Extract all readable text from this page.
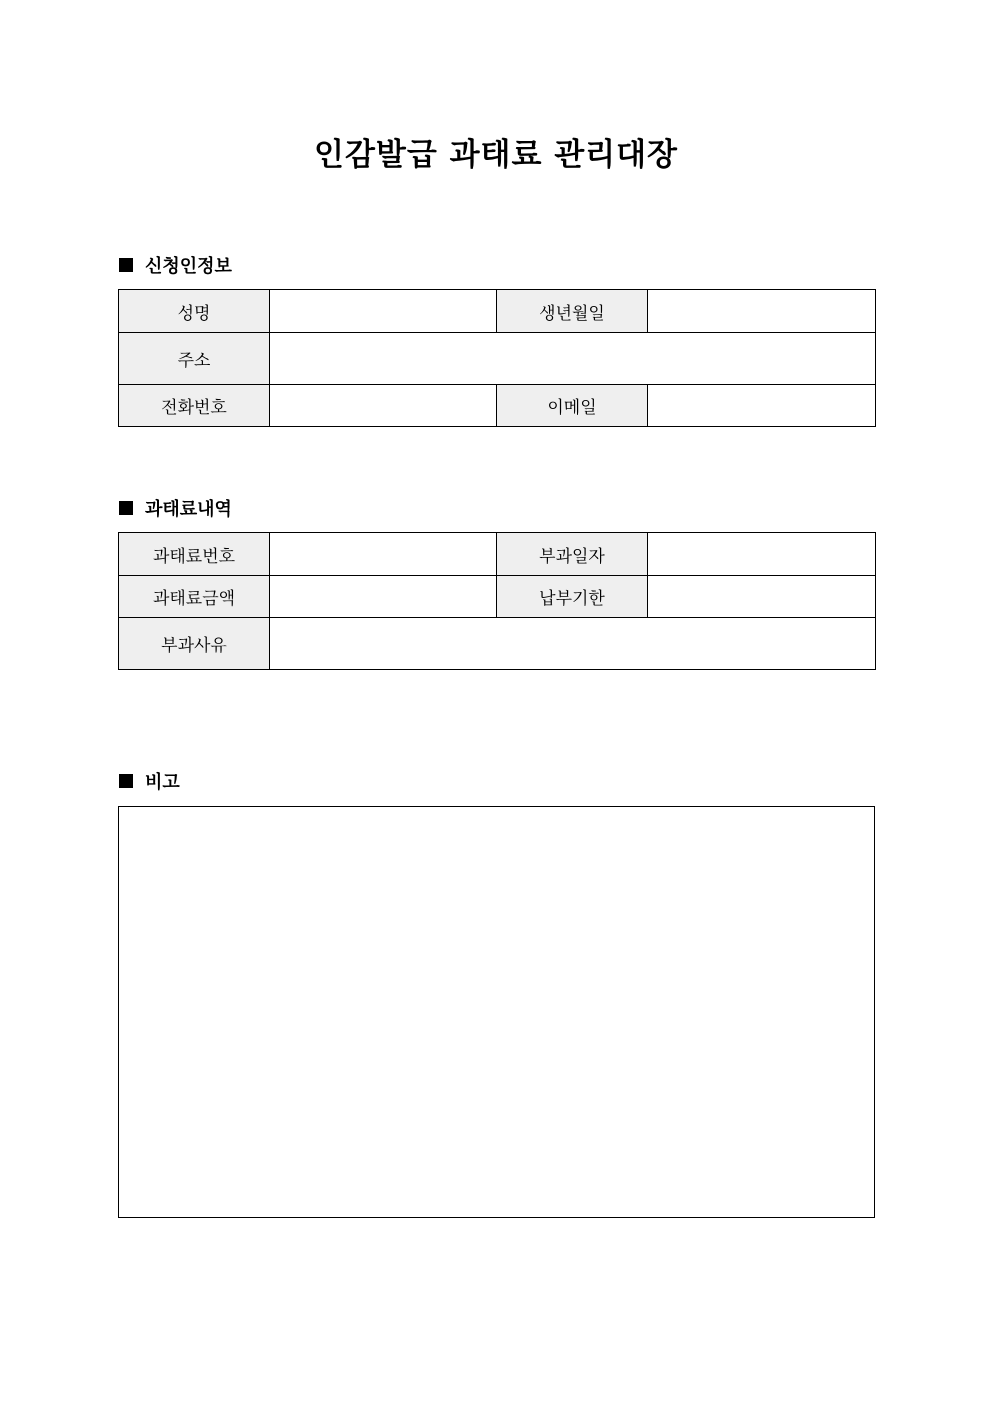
인감발급 과태료 관리대장
신청인정보
성명		생년월일	
주소			
전화번호		이메일	
과태료내역
과태료번호		부과일자	
과태료금액		납부기한	
부과사유			
비고
